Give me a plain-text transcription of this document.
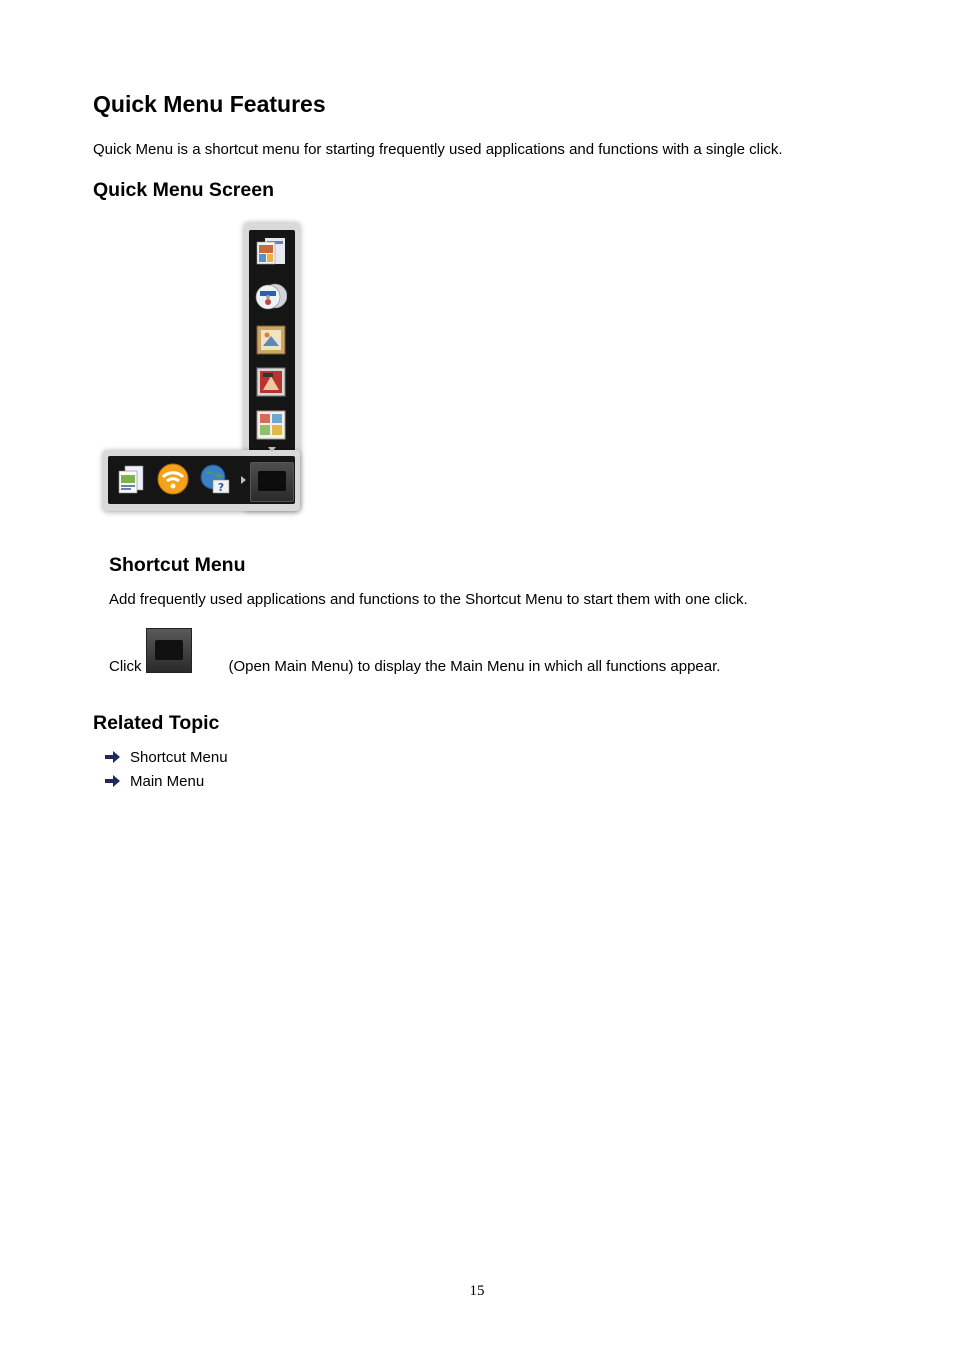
Quick Menu Features
Quick Menu is a shortcut menu for starting frequently used applications and functions with a single click.
Quick Menu Screen
?
Shortcut Menu
Add frequently used applications and functions to the Shortcut Menu to start them with one click.
Click	(Open Main Menu) to display the Main Menu in which all functions appear.
Related Topic
Shortcut Menu
Main Menu
15
